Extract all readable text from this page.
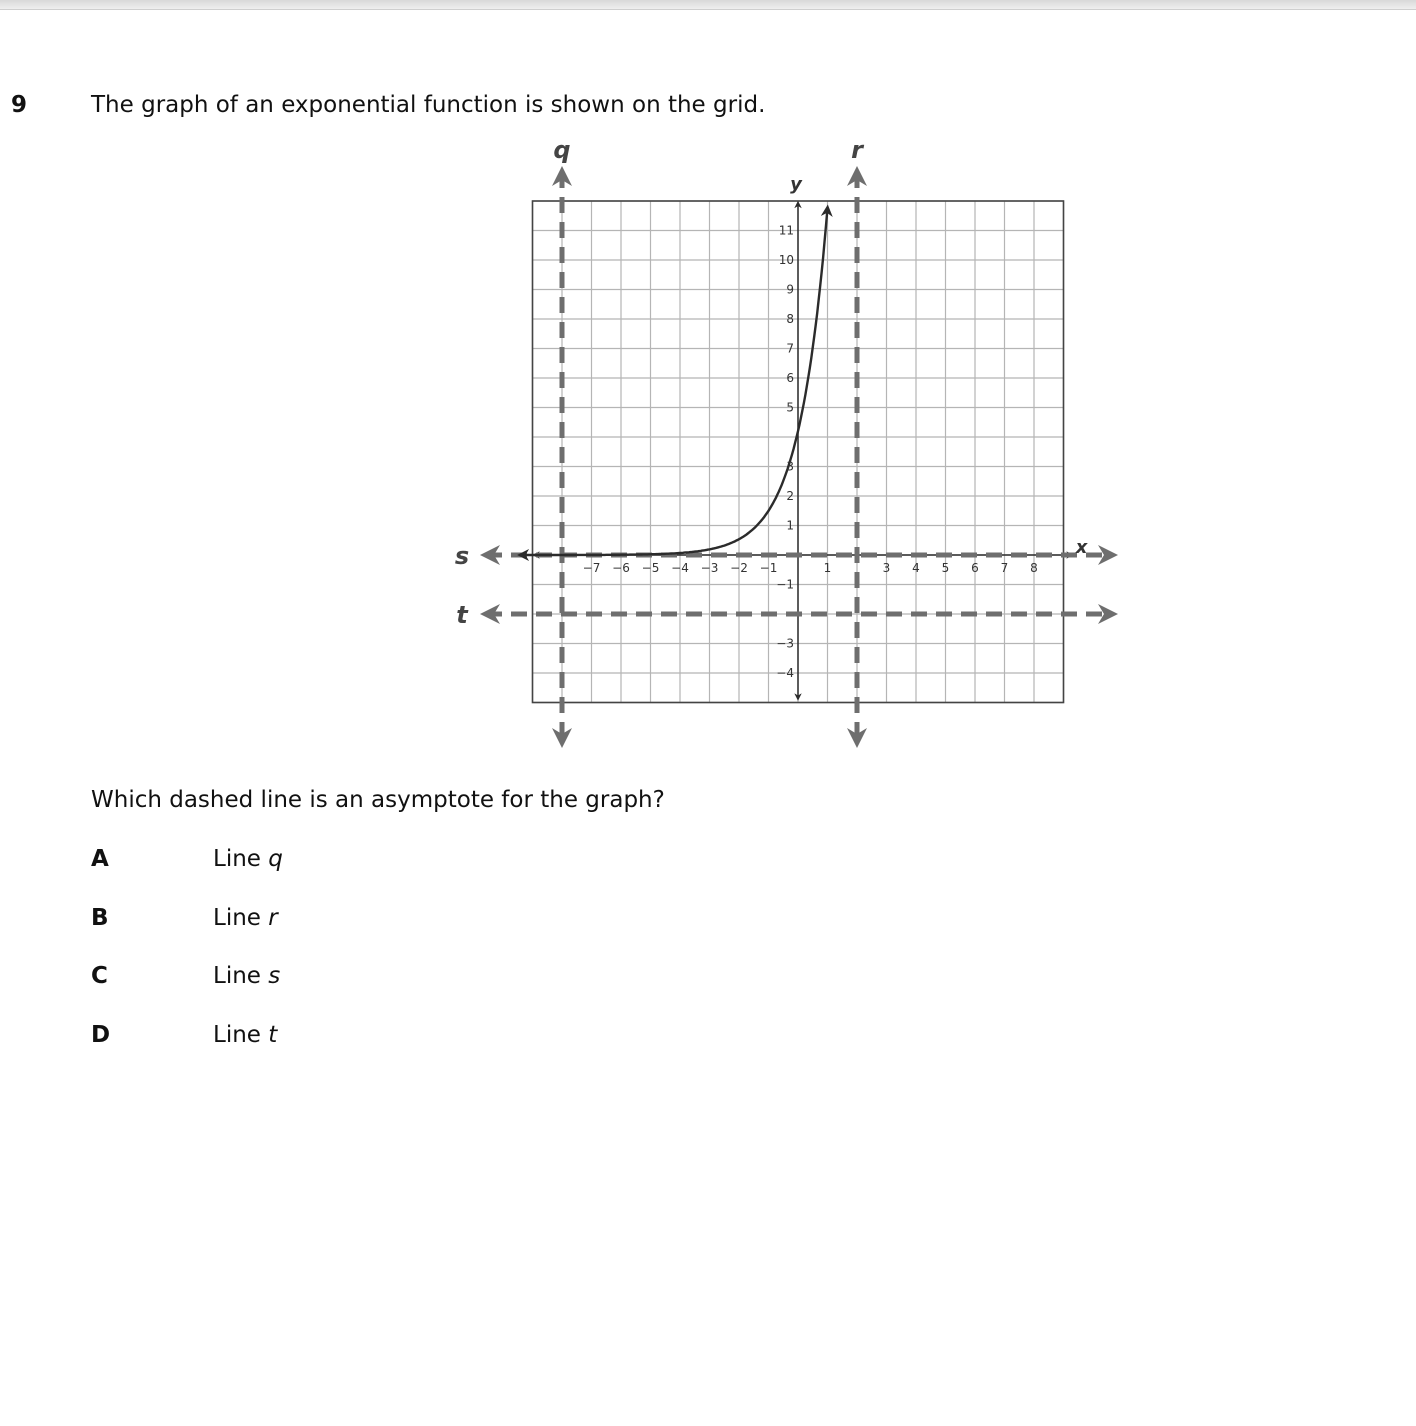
9	The graph of an exponential function is shown on the grid.
−7 −6 −5 −4 −3 −2 −1	1	3 4 5 6 7 8
11
10
9
8
7
6
5
3
2
1
−1
−3
−4
q	r
s
t
y
x
Which dashed line is an asymptote for the graph?
A	Line q
B	Line r
C	Line s
D	Line t
